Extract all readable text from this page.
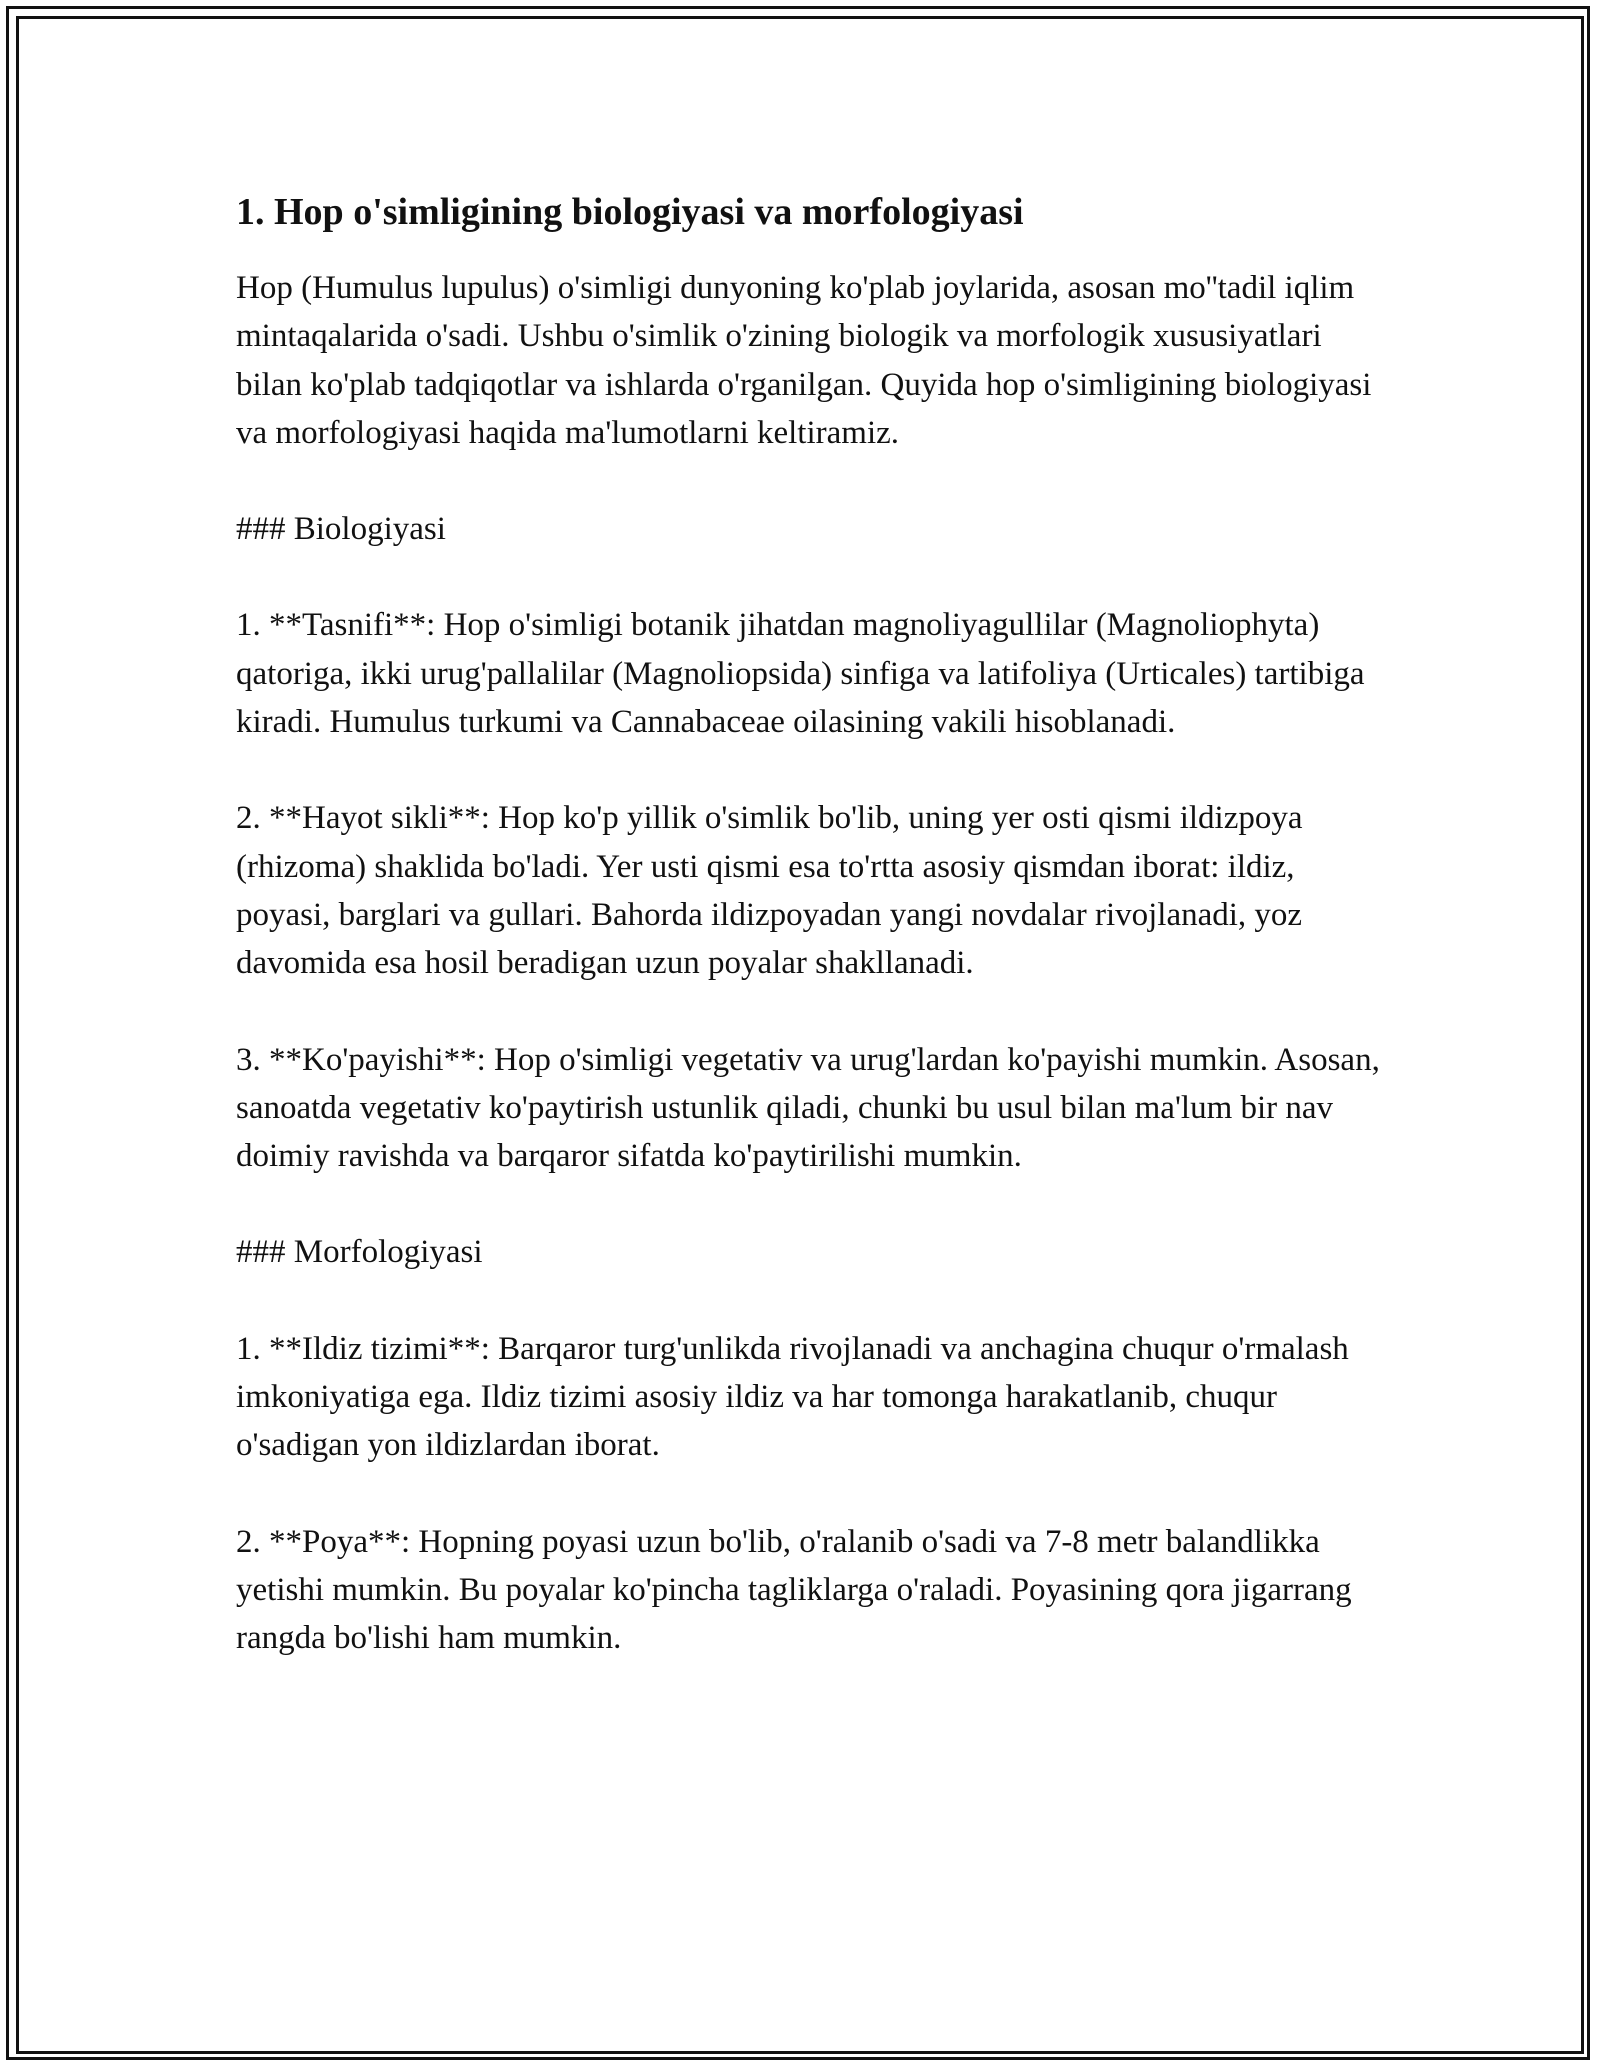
1. Hop o'simligining biologiyasi va morfologiyasi

Hop (Humulus lupulus) o'simligi dunyoning ko'plab joylarida, asosan mo''tadil iqlim mintaqalarida o'sadi. Ushbu o'simlik o'zining biologik va morfologik xususiyatlari bilan ko'plab tadqiqotlar va ishlarda o'rganilgan. Quyida hop o'simligining biologiyasi va morfologiyasi haqida ma'lumotlarni keltiramiz.

### Biologiyasi

1. **Tasnifi**: Hop o'simligi botanik jihatdan magnoliyagullilar (Magnoliophyta) qatoriga, ikki urug'pallalilar (Magnoliopsida) sinfiga va latifoliya (Urticales) tartibiga kiradi. Humulus turkumi va Cannabaceae oilasining vakili hisoblanadi.

2. **Hayot sikli**: Hop ko'p yillik o'simlik bo'lib, uning yer osti qismi ildizpoya (rhizoma) shaklida bo'ladi. Yer usti qismi esa to'rtta asosiy qismdan iborat: ildiz, poyasi, barglari va gullari. Bahorda ildizpoyadan yangi novdalar rivojlanadi, yoz davomida esa hosil beradigan uzun poyalar shakllanadi.

3. **Ko'payishi**: Hop o'simligi vegetativ va urug'lardan ko'payishi mumkin. Asosan, sanoatda vegetativ ko'paytirish ustunlik qiladi, chunki bu usul bilan ma'lum bir nav doimiy ravishda va barqaror sifatda ko'paytirilishi mumkin.

### Morfologiyasi

1. **Ildiz tizimi**: Barqaror turg'unlikda rivojlanadi va anchagina chuqur o'rmalash imkoniyatiga ega. Ildiz tizimi asosiy ildiz va har tomonga harakatlanib, chuqur o'sadigan yon ildizlardan iborat.

2. **Poya**: Hopning poyasi uzun bo'lib, o'ralanib o'sadi va 7-8 metr balandlikka yetishi mumkin. Bu poyalar ko'pincha tagliklarga o'raladi. Poyasining qora jigarrang rangda bo'lishi ham mumkin.
